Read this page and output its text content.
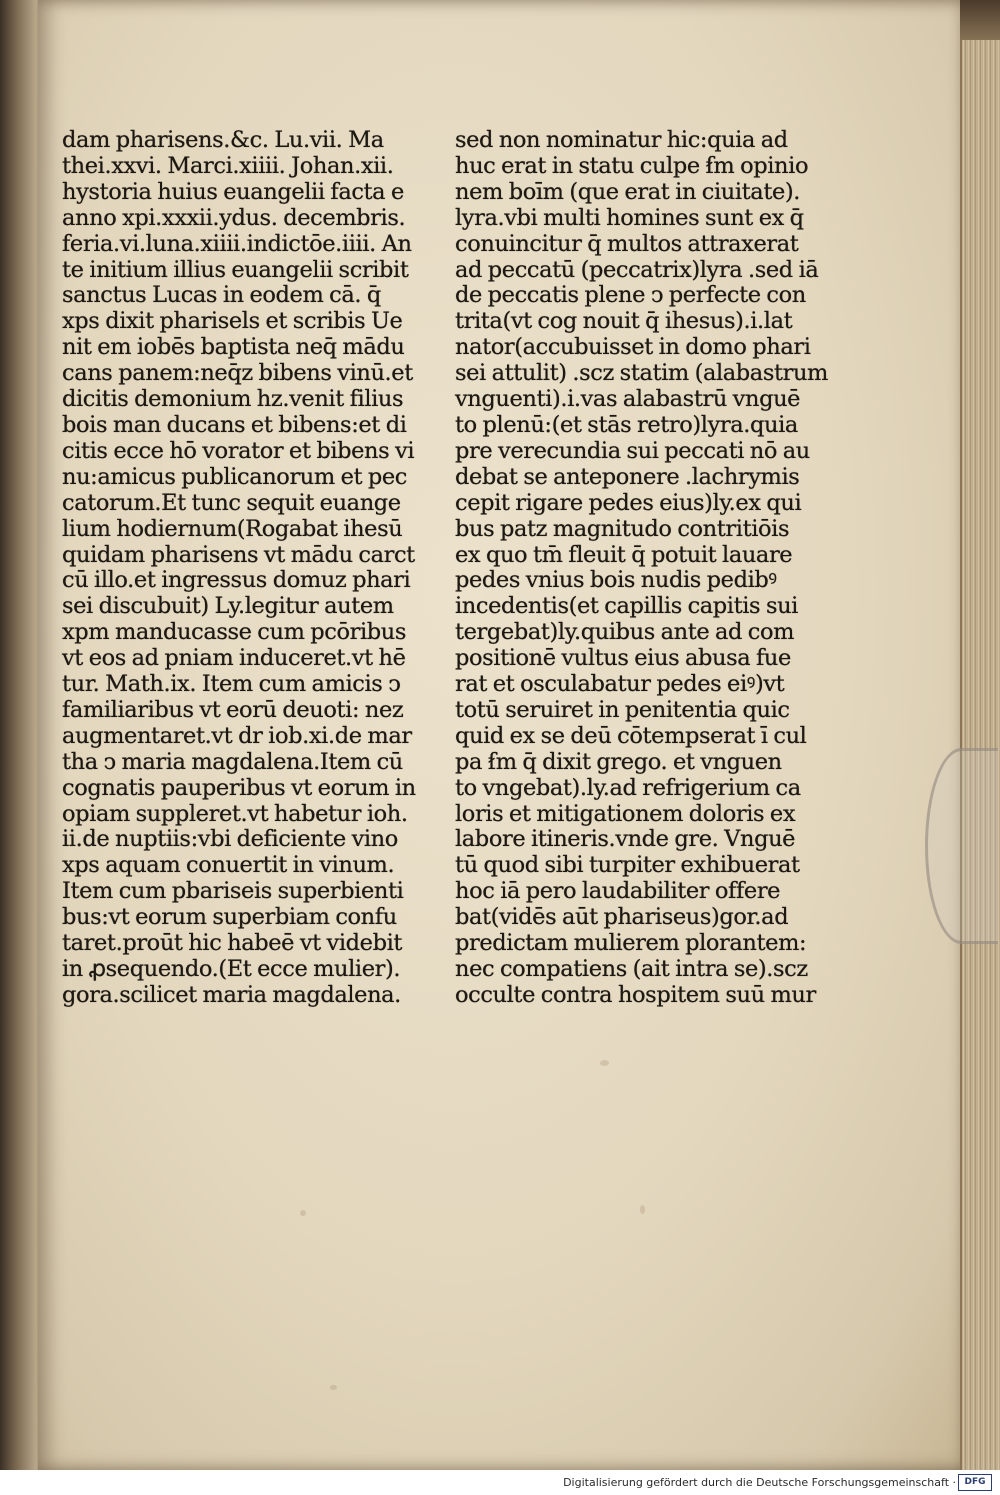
dam pharisens.&c. Lu.vii. Ma
thei.xxvi. Marci.xiiii. Johan.xii.
hystoria huius euangelii facta e
anno xpi.xxxii.ydus. decembris.
feria.vi.luna.xiiii.indictōe.iiii. An
te initium illius euangelii scribit
sanctus Lucas in eodem cā. q̄
xps dixit pharisels et scribis Ue
nit em iobēs baptista neq̄ mādu
cans panem:neq̄z bibens vinū.et
dicitis demonium hz.venit filius
bois man ducans et bibens:et di
citis ecce hō vorator et bibens vi
nu:amicus publicanorum et pec
catorum.Et tunc sequit euange
lium hodiernum(Rogabat ihesū
quidam pharisens vt mādu carct
cū illo.et ingressus domuz phari
sei discubuit) Ly.legitur autem
xpm manducasse cum pcōribus
vt eos ad pniam induceret.vt hē
tur. Math.ix. Item cum amicis ↄ
familiaribus vt eorū deuoti: nez
augmentaret.vt dr iob.xi.de mar
tha ↄ maria magdalena.Item cū
cognatis pauperibus vt eorum in
opiam suppleret.vt habetur ioh.
ii.de nuptiis:vbi deficiente vino
xps aquam conuertit in vinum.
Item cum pbariseis superbienti
bus:vt eorum superbiam confu
taret.proūt hic habeē vt videbit
in ꝓsequendo.(Et ecce mulier).
gora.scilicet maria magdalena.
sed non nominatur hic:quia ad
huc erat in statu culpe ẜm opinio
nem boīm (que erat in ciuitate).
lyra.vbi multi homines sunt ex q̄
conuincitur q̄ multos attraxerat
ad peccatū (peccatrix)lyra .sed iā
de peccatis plene ↄ perfecte con
trita(vt cog nouit q̄ ihesus).i.lat
nator(accubuisset in domo phari
sei attulit) .scz statim (alabastrum
vnguenti).i.vas alabastrū vnguē
to plenū:(et stās retro)lyra.quia
pre verecundia sui peccati nō au
debat se anteponere .lachrymis
cepit rigare pedes eius)ly.ex qui
bus patz magnitudo contritiōis
ex quo tm̄ fleuit q̄ potuit lauare
pedes vnius bois nudis pedibꝰ
incedentis(et capillis capitis sui
tergebat)ly.quibus ante ad com
positionē vultus eius abusa fue
rat et osculabatur pedes eiꝰ)vt
totū seruiret in penitentia quic
quid ex se deū cōtempserat ī cul
pa ẜm q̄ dixit grego. et vnguen
to vngebat).ly.ad refrigerium ca
loris et mitigationem doloris ex
labore itineris.vnde gre. Vnguē
tū quod sibi turpiter exhibuerat
hoc iā pero laudabiliter offere
bat(vidēs aūt phariseus)gor.ad
predictam mulierem plorantem:
nec compatiens (ait intra se).scz
occulte contra hospitem suū mur
Digitalisierung gefördert durch die Deutsche Forschungsgemeinschaft · DFG
